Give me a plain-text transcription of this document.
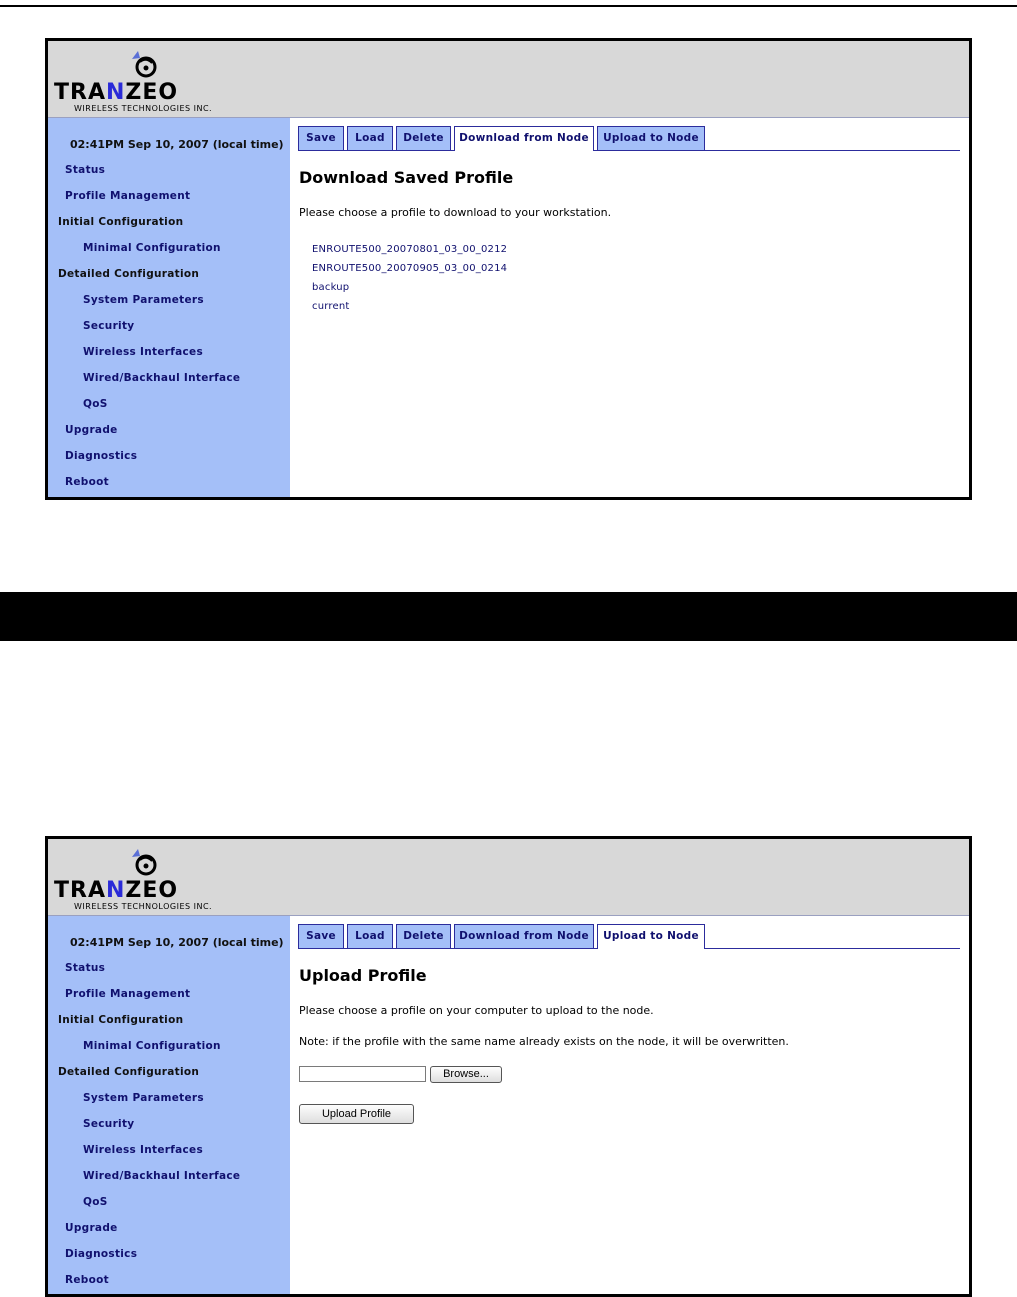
TRANZEO
WIRELESS TECHNOLOGIES INC.
02:41PM Sep 10, 2007 (local time)
Status
Profile Management
Initial Configuration
Minimal Configuration
Detailed Configuration
System Parameters
Security
Wireless Interfaces
Wired/Backhaul Interface
QoS
Upgrade
Diagnostics
Reboot
Save	Load	Delete	Download from Node	Upload to Node
Download Saved Profile
Please choose a profile to download to your workstation.
ENROUTE500_20070801_03_00_0212
ENROUTE500_20070905_03_00_0214
backup
current
TRANZEO
WIRELESS TECHNOLOGIES INC.
02:41PM Sep 10, 2007 (local time)
Status
Profile Management
Initial Configuration
Minimal Configuration
Detailed Configuration
System Parameters
Security
Wireless Interfaces
Wired/Backhaul Interface
QoS
Upgrade
Diagnostics
Reboot
Save	Load	Delete	Download from Node	Upload to Node
Upload Profile
Please choose a profile on your computer to upload to the node.
Note: if the profile with the same name already exists on the node, it will be overwritten.
Browse...
Upload Profile
